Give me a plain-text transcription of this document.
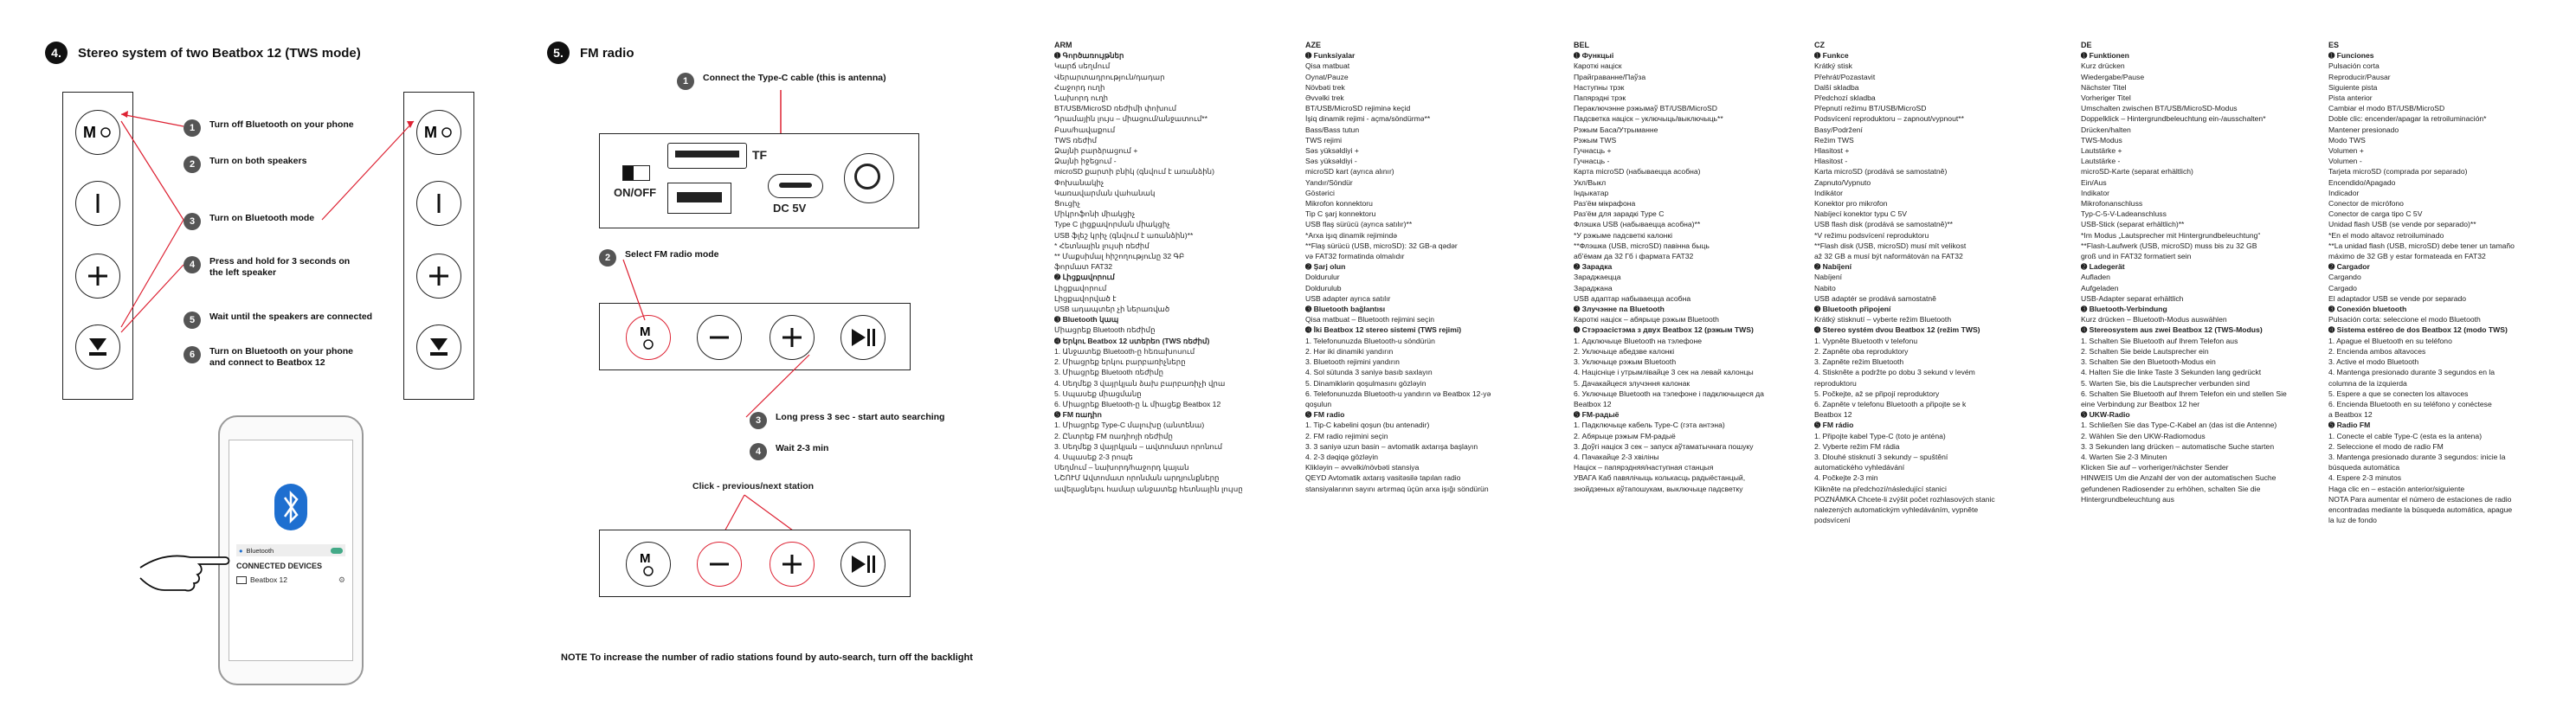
4.	Stereo system of two Beatbox 12 (TWS mode)
M	M
1	Turn off Bluetooth on your phone
2	Turn on both speakers
3	Turn on Bluetooth mode
4	Press and hold for 3 seconds on the left speaker
5	Wait until the speakers are connected
6	Turn on Bluetooth on your phone and connect to Beatbox 12
● Bluetooth
CONNECTED DEVICES
Beatbox 12	⚙
5.	FM radio
1	Connect the Type-C cable (this is antenna)
ON/OFF
TF
DC 5V
2	Select FM radio mode
M
3	Long press 3 sec - start auto searching
4	Wait 2-3 min
Click - previous/next station
M
NOTE To increase the number of radio stations found by auto-search, turn off the backlight
ARM
➊ Գործառույթներ
Կարճ սեղմում
Վերարտադրություն/դադար
Հաջորդ ուղի
Նախորդ ուղի
BT/USB/MicroSD ռեժիմի փոխում
Դրամային լույս – միացում/անջատում**
Բաս/հավաքում
TWS ռեժիմ
Ձայնի բարձրացում +
Ձայնի իջեցում -
microSD քարտի բնիկ (գնվում է առանձին)
Փոխանակիչ
Կառավարման վահանակ
Ցուցիչ
Միկրոֆոնի միակցիչ
Type C լիցքավորման միակցիչ
USB ֆլեշ կրիչ (գնվում է առանձին)**
* Հետնային լույսի ռեժիմ
** Մաքսիմալ հիշողությունը 32 ԳԲ
ֆորմատ FAT32
➋ Լիցքավորում
Լիցքավորում
Լիցքավորված է
USB ադապտեր չի ներառված
➌ Bluetooth կապ
Միացրեք Bluetooth ռեժիմը
➍ Երկու Beatbox 12 ստերեո (TWS ռեժիմ)
1. Անջատեք Bluetooth-ը հեռախոսում
2. Միացրեք երկու բարբառիչները
3. Միացրեք Bluetooth ռեժիմը
4. Սեղմեք 3 վայրկյան ձախ բարբառիչի վրա
5. Սպասեք միացմանը
6. Միացրեք Bluetooth-ը և միացեք Beatbox 12
➎ FM ռադիո
1. Միացրեք Type-C մալուխը (անտենա)
2. Ընտրեք FM ռադիոյի ռեժիմը
3. Սեղմեք 3 վայրկյան – ավտոմատ որոնում
4. Սպասեք 2-3 րոպե
Սեղմում – նախորդ/հաջորդ կայան
ՆՇՈՒՄ Ավտոմատ որոնման արդյունքները
ավելացնելու համար անջատեք հետնային լույսը
AZE
➊ Funksiyalar
Qisa matbuat
Oynat/Pauze
Növbəti trek
Əvvəlki trek
BT/USB/MicroSD rejiminə keçid
İşiq dinamik rejimi - açma/söndürmə**
Bass/Bass tutun
TWS rejimi
Səs yüksəldiyi +
Səs yüksəldiyi -
microSD kart (ayrıca alınır)
Yandır/Söndür
Göstərici
Mikrofon konnektoru
Tip C şarj konnektoru
USB flaş sürücü (ayrıca satılır)**
*Arxa işıq dinamik rejimində
**Flaş sürücü (USB, microSD): 32 GB-a qədər
və FAT32 formatinda olmalıdır
➋ Şarj olun
Doldurulur
Doldurulub
USB adapter ayrıca satılır
➌ Bluetooth bağlantısı
Qisa matbuat – Bluetooth rejimini seçin
➍ İki Beatbox 12 stereo sistemi (TWS rejimi)
1. Telefonunuzda Bluetooth-u söndürün
2. Hər iki dinamiki yandırın
3. Bluetooth rejimini yandırın
4. Sol sütunda 3 saniyə basıb saxlayın
5. Dinamiklərin qoşulmasını gözləyin
6. Telefonunuzda Bluetooth-u yandırın və Beatbox 12-yə
qoşulun
➎ FM radio
1. Tip-C kabelini qoşun (bu antenadir)
2. FM radio rejimini seçin
3. 3 saniyə uzun basin – avtomatik axtarışa başlayın
4. 2-3 dəqiqə gözləyin
Klikləyin – əvvəlki/növbəti stansiya
QEYD Avtomatik axtarış vasitəsilə tapılan radio
stansiyalarının sayını artırmaq üçün arxa işığı söndürün
BEL
➊ Функцыі
Кароткі націск
Прайграванне/Паўза
Наступны трэк
Папярэдні трэк
Пераключэнне рэжымаў BT/USB/MicroSD
Падсветка націск – уключыць/выключыць**
Рэжым Баса/Утрыманне
Рэжым TWS
Гучнасць +
Гучнасць -
Карта microSD (набываецца асобна)
Укл/Выкл
Індыкатар
Раз'ём мікрафона
Раз'ём для зарадкі Type C
Флэшка USB (набываецца асобна)**
*У рэжыме падсветкі калонкі
**Флэшка (USB, microSD) павінна быць
аб'ёмам да 32 Гб і фармата FAT32
➋ Зарадка
Зараджаецца
Зараджана
USB адаптар набываецца асобна
➌ Злучэнне па Bluetooth
Кароткі націск – абярыце рэжым Bluetooth
➍ Стэрэасістэма з двух Beatbox 12 (рэжым TWS)
1. Адключыце Bluetooth на тэлефоне
2. Уключыце абедзве калонкі
3. Уключыце рэжым Bluetooth
4. Націсніце і утрымлівайце 3 сек на левай калонцы
5. Дачакайцеся злучэння калонак
6. Уключыце Bluetooth на тэлефоне і падключыцеся да
Beatbox 12
➎ FM-радыё
1. Падключыце кабель Type-C (гэта антэна)
2. Абярыце рэжым FM-радыё
3. Доўгі націск 3 сек – запуск аўтаматычнага пошуку
4. Пачакайце 2-3 хвіліны
Націск – папярэдняя/наступная станцыя
УВАГА Каб павялічыць колькасць радыёстанцый,
знойдзеных аўтапошукам, выключыце падсветку
CZ
➊ Funkce
Krátký stisk
Přehrát/Pozastavit
Další skladba
Předchozí skladba
Přepnutí režimu BT/USB/MicroSD
Podsvícení reproduktoru – zapnout/vypnout**
Basy/Podržení
Režim TWS
Hlasitost +
Hlasitost -
Karta microSD (prodává se samostatně)
Zapnuto/Vypnuto
Indikátor
Konektor pro mikrofon
Nabíjecí konektor typu C 5V
USB flash disk (prodává se samostatně)**
*V režimu podsvícení reproduktoru
**Flash disk (USB, microSD) musí mít velikost
až 32 GB a musí být naformátován na FAT32
➋ Nabíjení
Nabíjení
Nabito
USB adaptér se prodává samostatně
➌ Bluetooth připojení
Krátký stisknutí – vyberte režim Bluetooth
➍ Stereo systém dvou Beatbox 12 (režim TWS)
1. Vypněte Bluetooth v telefonu
2. Zapněte oba reproduktory
3. Zapněte režim Bluetooth
4. Stiskněte a podržte po dobu 3 sekund v levém
reproduktoru
5. Počkejte, až se připojí reproduktory
6. Zapněte v telefonu Bluetooth a připojte se k
Beatbox 12
➎ FM rádio
1. Připojte kabel Type-C (toto je anténa)
2. Vyberte režim FM rádia
3. Dlouhé stisknutí 3 sekundy – spuštění
automatického vyhledávání
4. Počkejte 2-3 min
Klikněte na předchozí/následující stanici
POZNÁMKA Chcete-li zvýšit počet rozhlasových stanic
nalezených automatickým vyhledáváním, vypněte
podsvícení
DE
➊ Funktionen
Kurz drücken
Wiedergabe/Pause
Nächster Titel
Vorheriger Titel
Umschalten zwischen BT/USB/MicroSD-Modus
Doppelklick – Hintergrundbeleuchtung ein-/ausschalten*
Drücken/halten
TWS-Modus
Lautstärke +
Lautstärke -
microSD-Karte (separat erhältlich)
Ein/Aus
Indikator
Mikrofonanschluss
Typ-C-5-V-Ladeanschluss
USB-Stick (separat erhältlich)**
*Im Modus „Lautsprecher mit Hintergrundbeleuchtung“
**Flash-Laufwerk (USB, microSD) muss bis zu 32 GB
groß und in FAT32 formatiert sein
➋ Ladegerät
Aufladen
Aufgeladen
USB-Adapter separat erhältlich
➌ Bluetooth-Verbindung
Kurz drücken – Bluetooth-Modus auswählen
➍ Stereosystem aus zwei Beatbox 12 (TWS-Modus)
1. Schalten Sie Bluetooth auf Ihrem Telefon aus
2. Schalten Sie beide Lautsprecher ein
3. Schalten Sie den Bluetooth-Modus ein
4. Halten Sie die linke Taste 3 Sekunden lang gedrückt
5. Warten Sie, bis die Lautsprecher verbunden sind
6. Schalten Sie Bluetooth auf Ihrem Telefon ein und stellen Sie
eine Verbindung zur Beatbox 12 her
➎ UKW-Radio
1. Schließen Sie das Type-C-Kabel an (das ist die Antenne)
2. Wählen Sie den UKW-Radiomodus
3. 3 Sekunden lang drücken – automatische Suche starten
4. Warten Sie 2-3 Minuten
Klicken Sie auf – vorheriger/nächster Sender
HINWEIS Um die Anzahl der von der automatischen Suche
gefundenen Radiosender zu erhöhen, schalten Sie die
Hintergrundbeleuchtung aus
ES
➊ Funciones
Pulsación corta
Reproducir/Pausar
Siguiente pista
Pista anterior
Cambiar el modo BT/USB/MicroSD
Doble clic: encender/apagar la retroiluminación*
Mantener presionado
Modo TWS
Volumen +
Volumen -
Tarjeta microSD (comprada por separado)
Encendido/Apagado
Indicador
Conector de micrófono
Conector de carga tipo C 5V
Unidad flash USB (se vende por separado)**
*En el modo altavoz retroiluminado
**La unidad flash (USB, microSD) debe tener un tamaño
máximo de 32 GB y estar formateada en FAT32
➋ Cargador
Cargando
Cargado
El adaptador USB se vende por separado
➌ Conexión bluetooth
Pulsación corta: seleccione el modo Bluetooth
➍ Sistema estéreo de dos Beatbox 12 (modo TWS)
1. Apague el Bluetooth en su teléfono
2. Encienda ambos altavoces
3. Active el modo Bluetooth
4. Mantenga presionado durante 3 segundos en la
columna de la izquierda
5. Espere a que se conecten los altavoces
6. Encienda Bluetooth en su teléfono y conéctese
a Beatbox 12
➎ Radio FM
1. Conecte el cable Type-C (esta es la antena)
2. Seleccione el modo de radio FM
3. Mantenga presionado durante 3 segundos: inicie la
búsqueda automática
4. Espere 2-3 minutos
Haga clic en – estación anterior/siguiente
NOTA Para aumentar el número de estaciones de radio
encontradas mediante la búsqueda automática, apague
la luz de fondo
